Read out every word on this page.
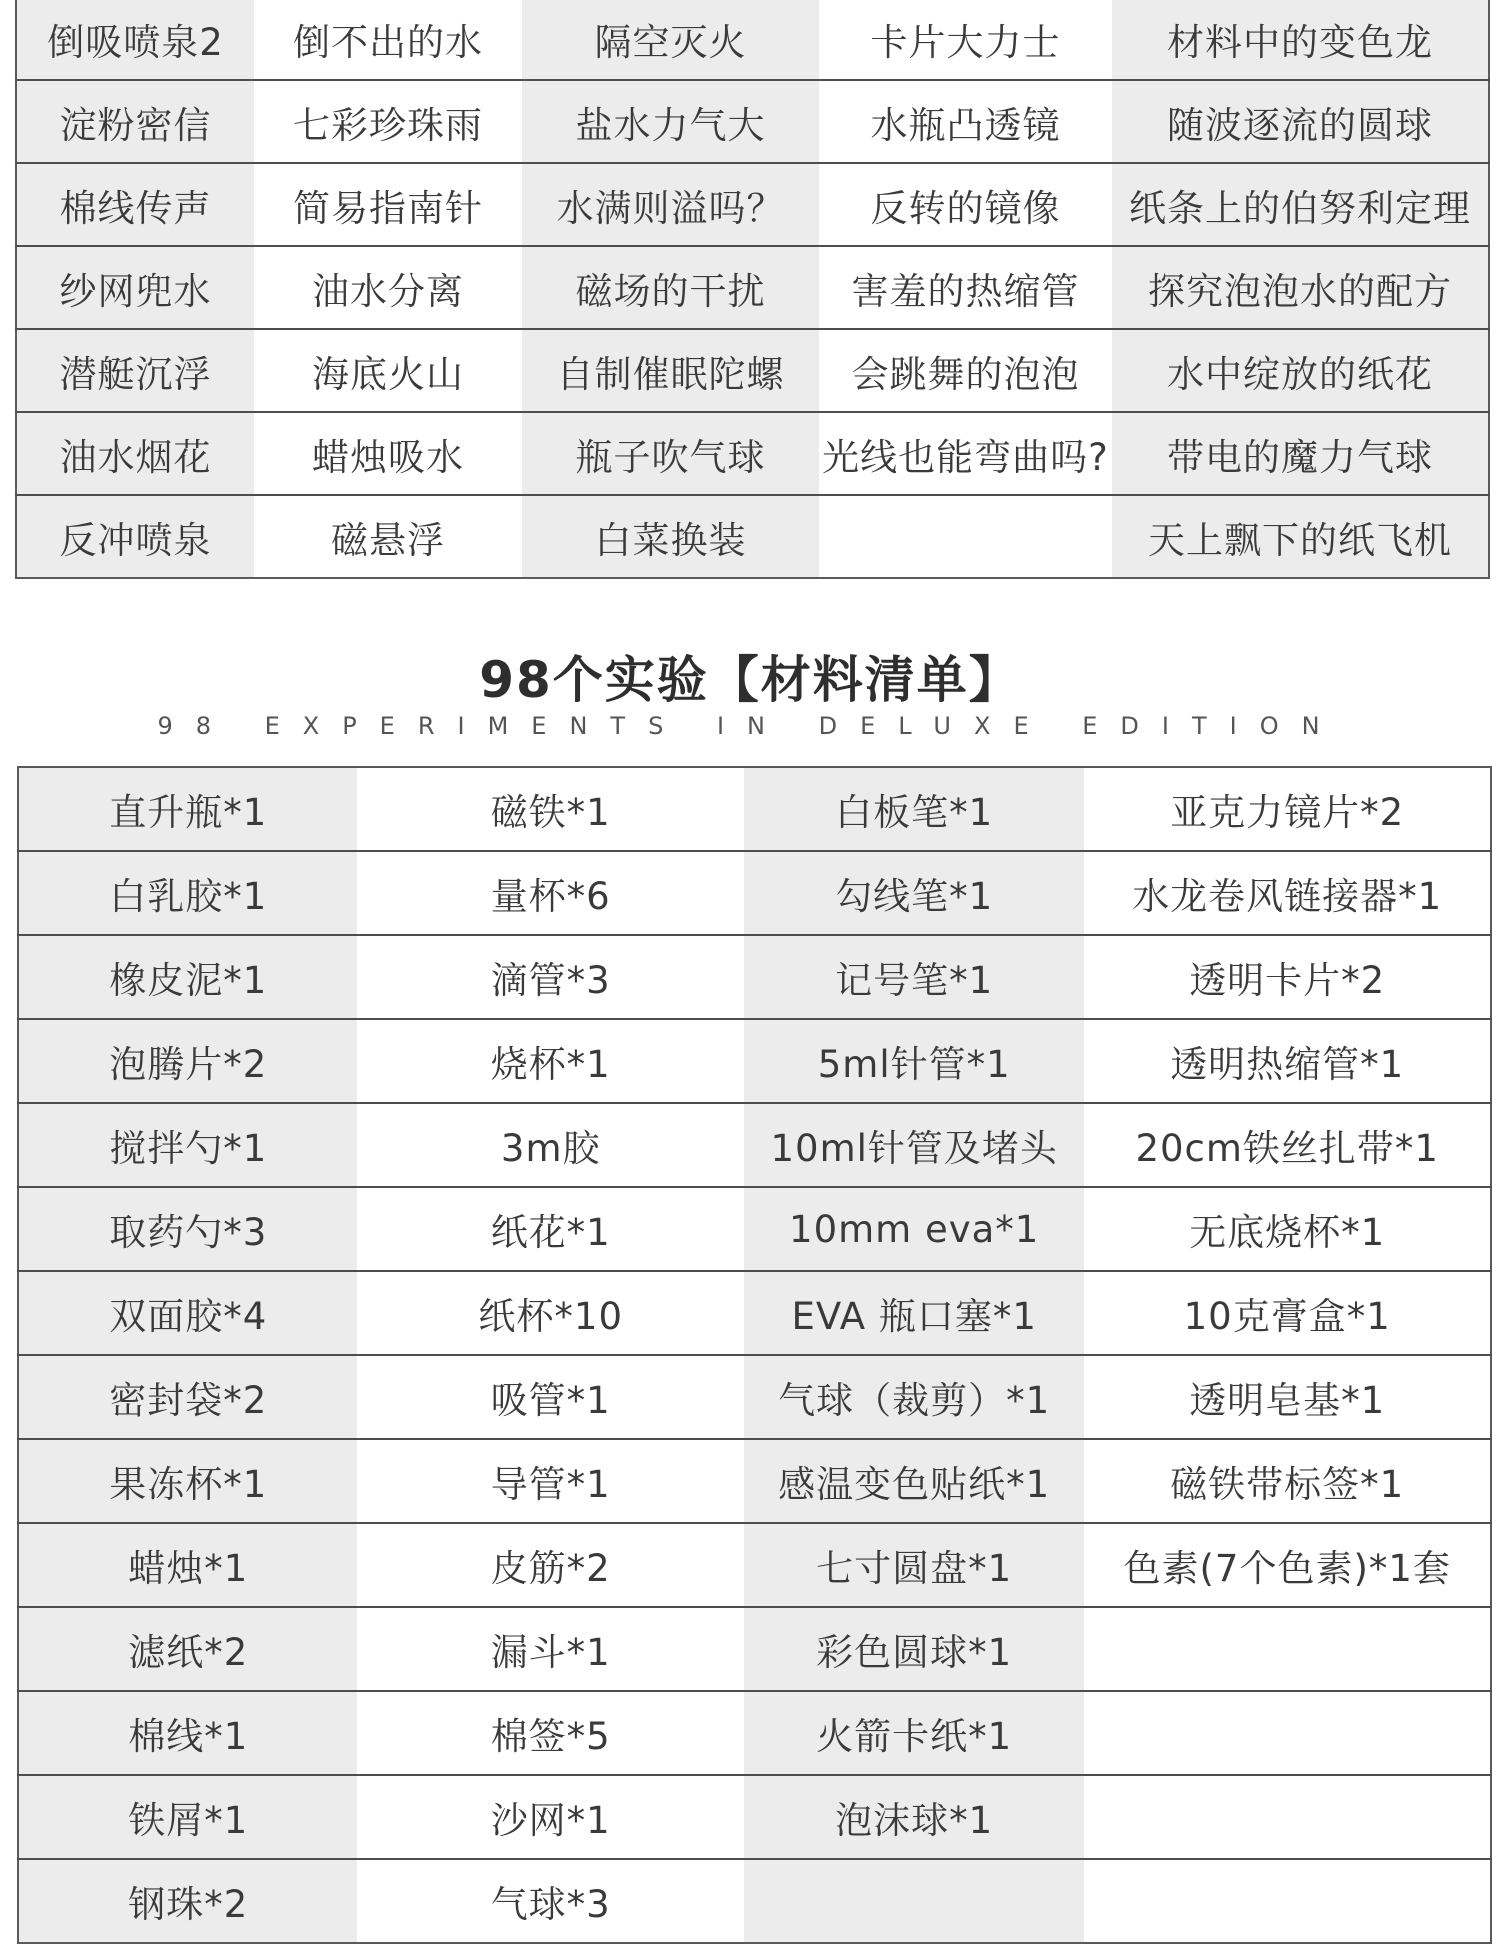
倒吸喷泉2	倒不出的水	隔空灭火	卡片大力士	材料中的变色龙
淀粉密信	七彩珍珠雨	盐水力气大	水瓶凸透镜	随波逐流的圆球
棉线传声	简易指南针	水满则溢吗？	反转的镜像	纸条上的伯努利定理
纱网兜水	油水分离	磁场的干扰	害羞的热缩管	探究泡泡水的配方
潜艇沉浮	海底火山	自制催眠陀螺	会跳舞的泡泡	水中绽放的纸花
油水烟花	蜡烛吸水	瓶子吹气球	光线也能弯曲吗?	带电的魔力气球
反冲喷泉	磁悬浮	白菜换装		天上飘下的纸飞机
98个实验【材料清单】
98 EXPERIMENTS IN DELUXE EDITION
直升瓶*1	磁铁*1	白板笔*1	亚克力镜片*2
白乳胶*1	量杯*6	勾线笔*1	水龙卷风链接器*1
橡皮泥*1	滴管*3	记号笔*1	透明卡片*2
泡腾片*2	烧杯*1	5ml针管*1	透明热缩管*1
搅拌勺*1	3m胶	10ml针管及堵头	20cm铁丝扎带*1
取药勺*3	纸花*1	10mm eva*1	无底烧杯*1
双面胶*4	纸杯*10	EVA 瓶口塞*1	10克膏盒*1
密封袋*2	吸管*1	气球（裁剪）*1	透明皂基*1
果冻杯*1	导管*1	感温变色贴纸*1	磁铁带标签*1
蜡烛*1	皮筋*2	七寸圆盘*1	色素(7个色素)*1套
滤纸*2	漏斗*1	彩色圆球*1	
棉线*1	棉签*5	火箭卡纸*1	
铁屑*1	沙网*1	泡沫球*1	
钢珠*2	气球*3		
